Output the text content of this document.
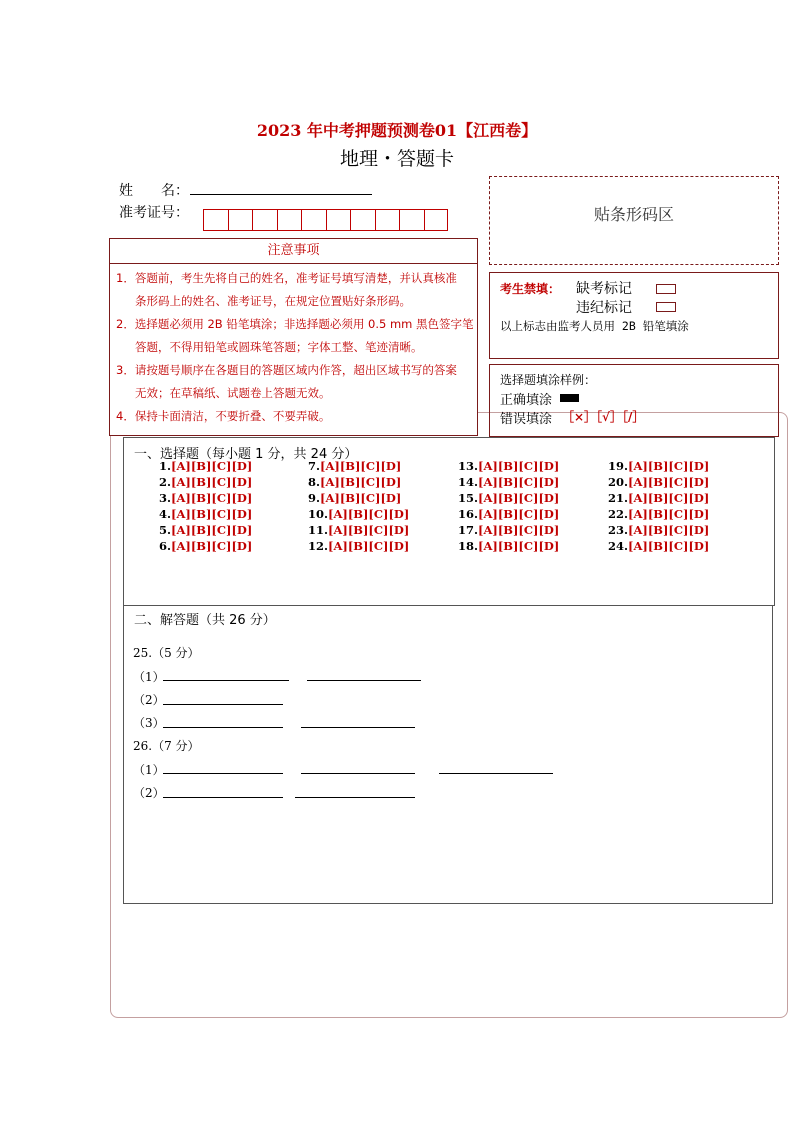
2023 年中考押题预测卷01【江西卷】
地理・答题卡
姓　　名：
准考证号：	贴条形码区
注意事项
1．答题前，考生先将自己的姓名，准考证号填写清楚，并认真核准
条形码上的姓名、准考证号，在规定位置贴好条形码。
2．选择题必须用 2B 铅笔填涂；非选择题必须用 0.5 mm 黑色签字笔
答题，不得用铅笔或圆珠笔答题；字体工整、笔迹清晰。
3．请按题号顺序在各题目的答题区域内作答，超出区域书写的答案
无效；在草稿纸、试题卷上答题无效。
4．保持卡面清洁，不要折叠、不要弄破。
考生禁填： 缺考标记
违纪标记
以上标志由监考人员用 2B 铅笔填涂
选择题填涂样例：
正确填涂
错误填涂 ［×］［√］［/］
一、选择题（每小题 1 分，共 24 分）
1.[A][B][C][D]
2.[A][B][C][D]
3.[A][B][C][D]
4.[A][B][C][D]
5.[A][B][C][D]
6.[A][B][C][D]
7.[A][B][C][D]
8.[A][B][C][D]
9.[A][B][C][D]
10.[A][B][C][D]
11.[A][B][C][D]
12.[A][B][C][D]
13.[A][B][C][D]
14.[A][B][C][D]
15.[A][B][C][D]
16.[A][B][C][D]
17.[A][B][C][D]
18.[A][B][C][D]
19.[A][B][C][D]
20.[A][B][C][D]
21.[A][B][C][D]
22.[A][B][C][D]
23.[A][B][C][D]
24.[A][B][C][D]
二、解答题（共 26 分）
25.（5 分）
（1）
（2）
（3）
26.（7 分）
（1）
（2）
